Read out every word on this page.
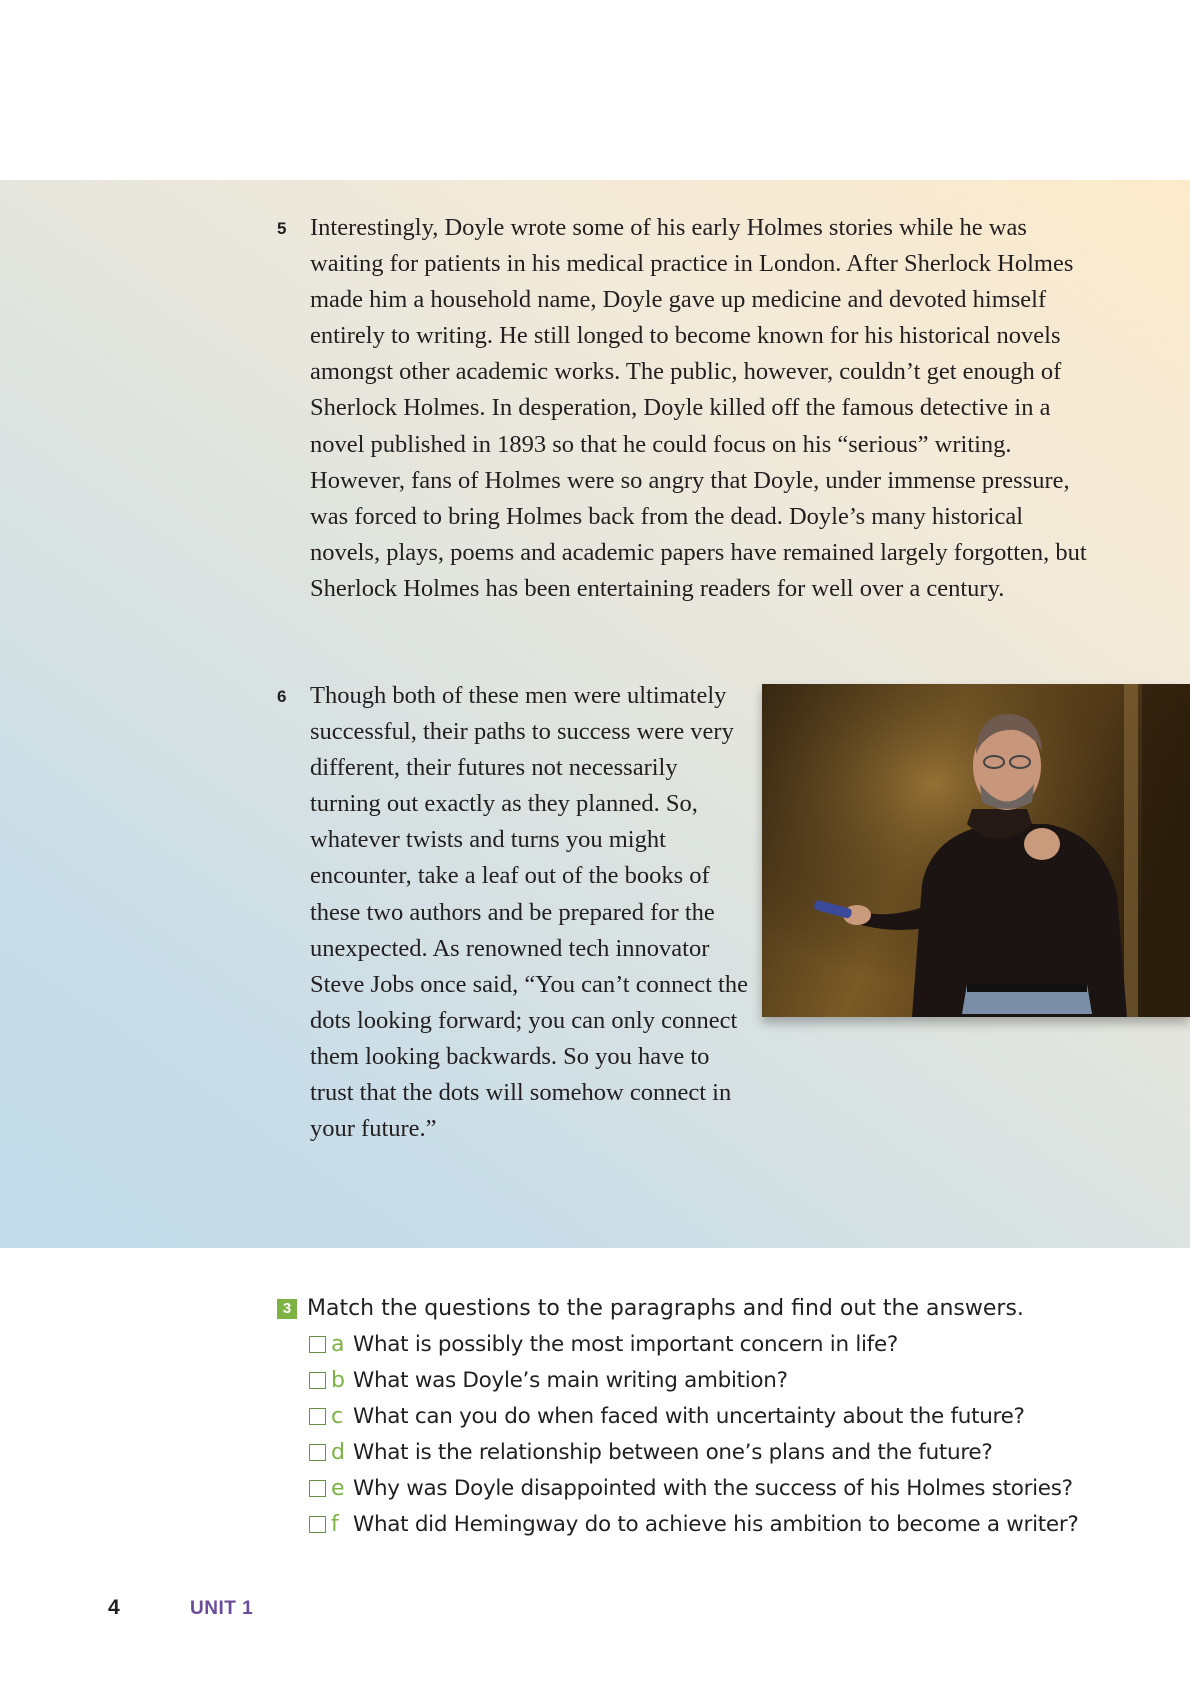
5 Interestingly, Doyle wrote some of his early Holmes stories while he was waiting for patients in his medical practice in London. After Sherlock Holmes made him a household name, Doyle gave up medicine and devoted himself entirely to writing. He still longed to become known for his historical novels amongst other academic works. The public, however, couldn’t get enough of Sherlock Holmes. In desperation, Doyle killed off the famous detective in a novel published in 1893 so that he could focus on his “serious” writing. However, fans of Holmes were so angry that Doyle, under immense pressure, was forced to bring Holmes back from the dead. Doyle’s many historical novels, plays, poems and academic papers have remained largely forgotten, but Sherlock Holmes has been entertaining readers for well over a century.

6 Though both of these men were ultimately successful, their paths to success were very different, their futures not necessarily turning out exactly as they planned. So, whatever twists and turns you might encounter, take a leaf out of the books of these two authors and be prepared for the unexpected. As renowned tech innovator Steve Jobs once said, “You can’t connect the dots looking forward; you can only connect them looking backwards. So you have to trust that the dots will somehow connect in your future.”

3 Match the questions to the paragraphs and find out the answers.
a What is possibly the most important concern in life?
b What was Doyle’s main writing ambition?
c What can you do when faced with uncertainty about the future?
d What is the relationship between one’s plans and the future?
e Why was Doyle disappointed with the success of his Holmes stories?
f What did Hemingway do to achieve his ambition to become a writer?
4	UNIT 1
